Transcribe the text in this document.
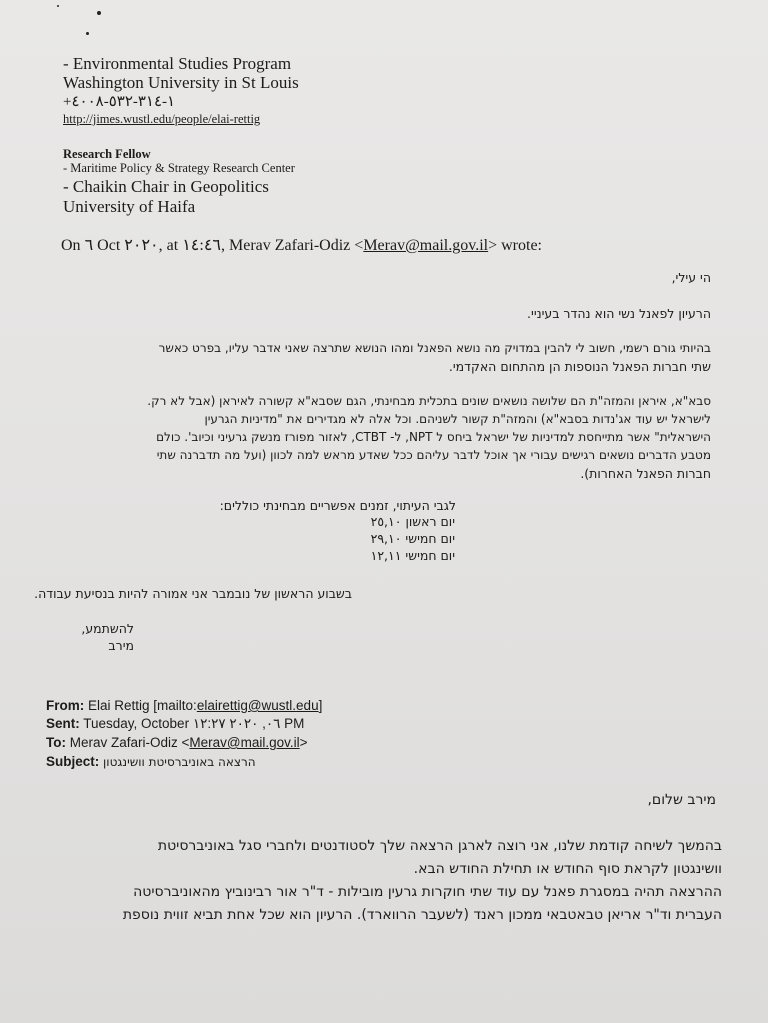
- Environmental Studies Program
Washington University in St Louis
+١-٣١٤-٥٣٢-٤٠٠٨
http://jimes.wustl.edu/people/elai-rettig
Research Fellow
- Maritime Policy & Strategy Research Center
- Chaikin Chair in Geopolitics
University of Haifa
On ٦ Oct ٢٠٢٠, at ١٤:٤٦, Merav Zafari-Odiz <Merav@mail.gov.il> wrote:
הי עילי,
הרעיון לפאנל נשי הוא נהדר בעיניי.
בהיותי גורם רשמי, חשוב לי להבין במדויק מה נושא הפאנל ומהו הנושא שתרצה שאני אדבר עליו, בפרט כאשר
שתי חברות הפאנל הנוספות הן מהתחום האקדמי.
סבא"א, איראן והמזה"ת הם שלושה נושאים שונים בתכלית מבחינתי, הגם שסבא"א קשורה לאיראן (אבל לא רק.
לישראל יש עוד אג'נדות בסבא"א) והמזה"ת קשור לשניהם. וכל אלה לא מגדירים את "מדיניות הגרעין
הישראלית" אשר מתייחסת למדיניות של ישראל ביחס ל NPT, ל- CTBT, לאזור מפורז מנשק גרעיני וכיוב'. כולם
מטבע הדברים נושאים רגישים עבורי אך אוכל לדבר עליהם ככל שאדע מראש למה לכוון (ועל מה תדברנה שתי
חברות הפאנל האחרות).
לגבי העיתוי, זמנים אפשריים מבחינתי כוללים:
יום ראשון ٢٥,١٠
יום חמישי ٢٩,١٠
יום חמישי ١٢,١١
בשבוע הראשון של נובמבר אני אמורה להיות בנסיעת עבודה.
להשתמע,
מירב
From: Elai Rettig [mailto:elairettig@wustl.edu]
Sent: Tuesday, October ٠٦, ٢٠٢٠ ١٢:٢٧ PM
To: Merav Zafari-Odiz <Merav@mail.gov.il>
Subject: הרצאה באוניברסיטת וושינגטון
מירב שלום,
בהמשך לשיחה קודמת שלנו, אני רוצה לארגן הרצאה שלך לסטודנטים ולחברי סגל באוניברסיטת
וושינגטון לקראת סוף החודש או תחילת החודש הבא.
ההרצאה תהיה במסגרת פאנל עם עוד שתי חוקרות גרעין מובילות - ד"ר אור רבינוביץ מהאוניברסיטה
העברית וד"ר אריאן טבאטבאי ממכון ראנד (לשעבר הרווארד). הרעיון הוא שכל אחת תביא זווית נוספת
